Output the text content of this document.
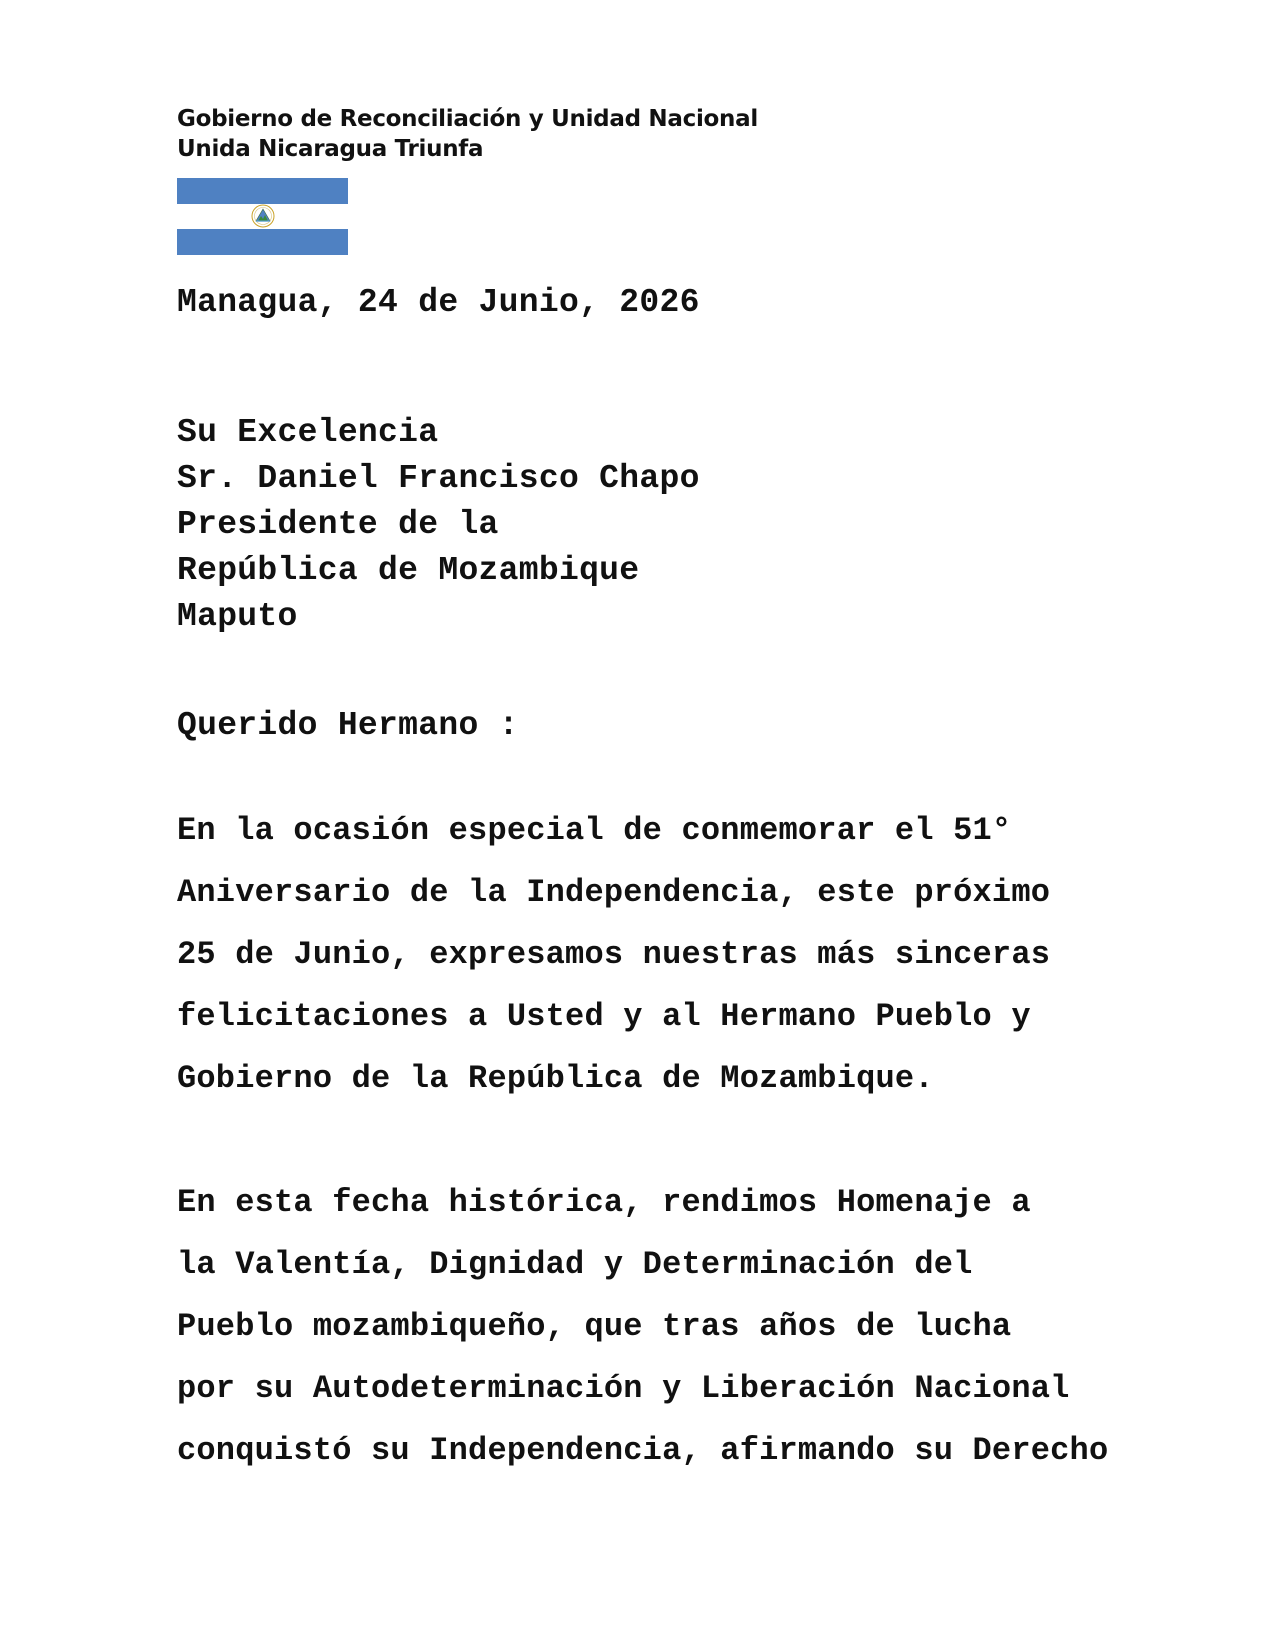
Gobierno de Reconciliación y Unidad Nacional
Unida Nicaragua Triunfa
Managua, 24 de Junio, 2026
Su Excelencia
Sr. Daniel Francisco Chapo
Presidente de la
República de Mozambique
Maputo
Querido Hermano :
En la ocasión especial de conmemorar el 51°
Aniversario de la Independencia, este próximo
25 de Junio, expresamos nuestras más sinceras
felicitaciones a Usted y al Hermano Pueblo y
Gobierno de la República de Mozambique.
En esta fecha histórica, rendimos Homenaje a
la Valentía, Dignidad y Determinación del
Pueblo mozambiqueño, que tras años de lucha
por su Autodeterminación y Liberación Nacional
conquistó su Independencia, afirmando su Derecho
